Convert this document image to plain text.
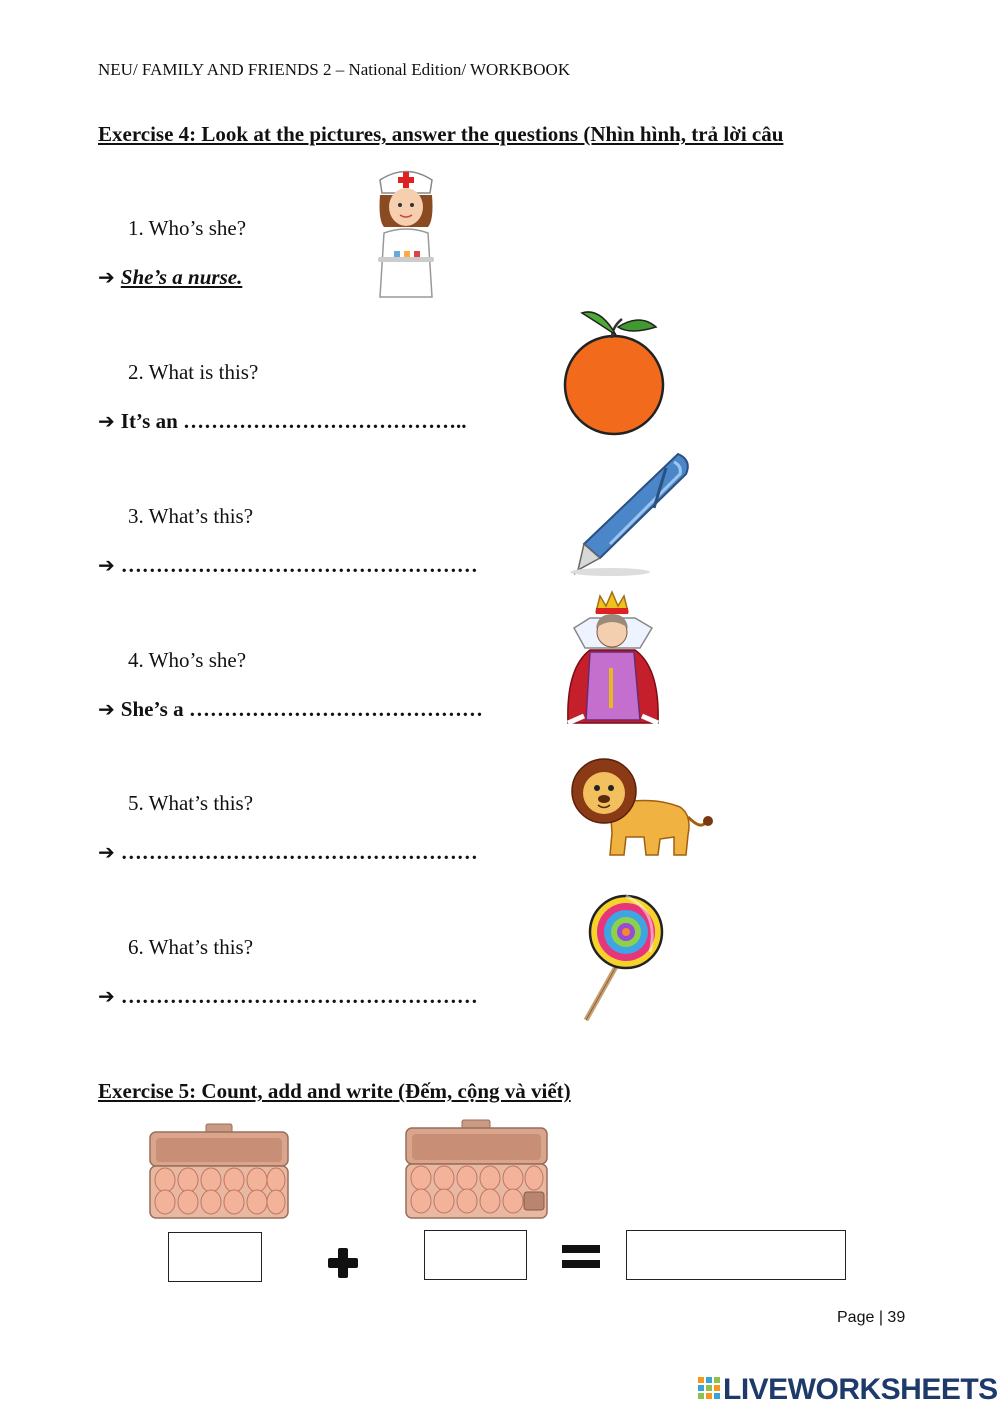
NEU/ FAMILY AND FRIENDS 2 – National Edition/ WORKBOOK
Exercise 4: Look at the pictures, answer the questions (Nhìn hình, trả lời câu
1. Who’s she?
➔ She’s a nurse.
2. What is this?
➔ It’s an …………………………………..
3. What’s this?
➔ ……………………………………………
4. Who’s she?
➔ She’s a ……………………………………
5. What’s this?
➔ ……………………………………………
6. What’s this?
➔ ……………………………………………
Exercise 5: Count, add and write (Đếm, cộng và viết)
Page | 39
LIVEWORKSHEETS
